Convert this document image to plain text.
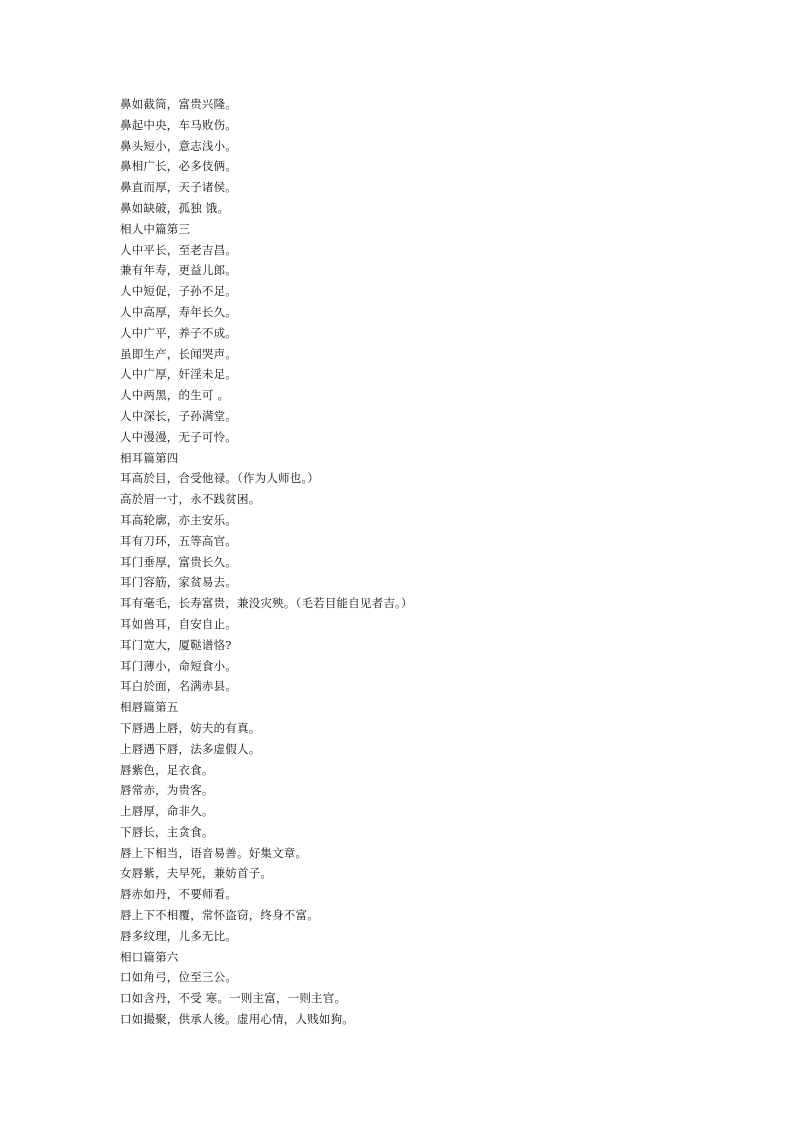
鼻如截筒，富贵兴隆。
鼻起中央，车马败伤。
鼻头短小，意志浅小。
鼻相广长，必多伎俩。
鼻直而厚，天子诸侯。
鼻如缺破，孤独 饿。
相人中篇第三
人中平长，至老吉昌。
兼有年寿，更益儿郎。
人中短促，子孙不足。
人中高厚，寿年长久。
人中广平，养子不成。
虽即生产，长闻哭声。
人中广厚，奸淫未足。
人中两黑，的生可 。
人中深长，子孙满堂。
人中漫漫，无子可怜。
相耳篇第四
耳高於目，合受他禄。（作为人师也。）
高於眉一寸，永不践贫困。
耳高轮廓，亦主安乐。
耳有刀环，五等高官。
耳门垂厚，富贵长久。
耳门容筋，家贫易去。
耳有毫毛，长寿富贵，兼没灾殃。（毛若目能自见者吉。）
耳如兽耳，自安自止。
耳门宽大，厦鞑谱恪?
耳门薄小，命短食小。
耳白於面，名满赤县。
相唇篇第五
下唇遇上唇，妨夫的有真。
上唇遇下唇，法多虚假人。
唇紫色，足衣食。
唇常赤，为贵客。
上唇厚，命非久。
下唇长，主贪食。
唇上下相当，语音易善。好集文章。
女唇紫，夫早死，兼妨首子。
唇赤如丹，不要师看。
唇上下不相覆，常怀盗窃，终身不富。
唇多纹理，儿多无比。
相口篇第六
口如角弓，位至三公。
口如含丹，不受 寒。一则主富，一则主官。
口如撮聚，供承人後。虚用心情，人贱如狗。
